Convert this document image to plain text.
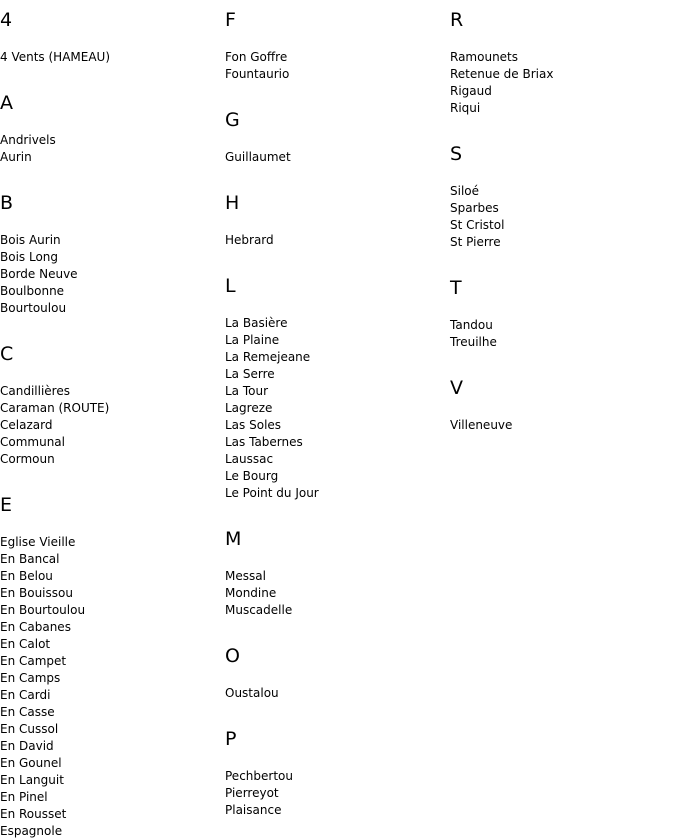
4
4 Vents (HAMEAU)
A
Andrivels
Aurin
B
Bois Aurin
Bois Long
Borde Neuve
Boulbonne
Bourtoulou
C
Candillières
Caraman (ROUTE)
Celazard
Communal
Cormoun
E
Eglise Vieille
En Bancal
En Belou
En Bouissou
En Bourtoulou
En Cabanes
En Calot
En Campet
En Camps
En Cardi
En Casse
En Cussol
En David
En Gounel
En Languit
En Pinel
En Rousset
Espagnole
F
Fon Goffre
Fountaurio
G
Guillaumet
H
Hebrard
L
La Basière
La Plaine
La Remejeane
La Serre
La Tour
Lagreze
Las Soles
Las Tabernes
Laussac
Le Bourg
Le Point du Jour
M
Messal
Mondine
Muscadelle
O
Oustalou
P
Pechbertou
Pierreyot
Plaisance
R
Ramounets
Retenue de Briax
Rigaud
Riqui
S
Siloé
Sparbes
St Cristol
St Pierre
T
Tandou
Treuilhe
V
Villeneuve
